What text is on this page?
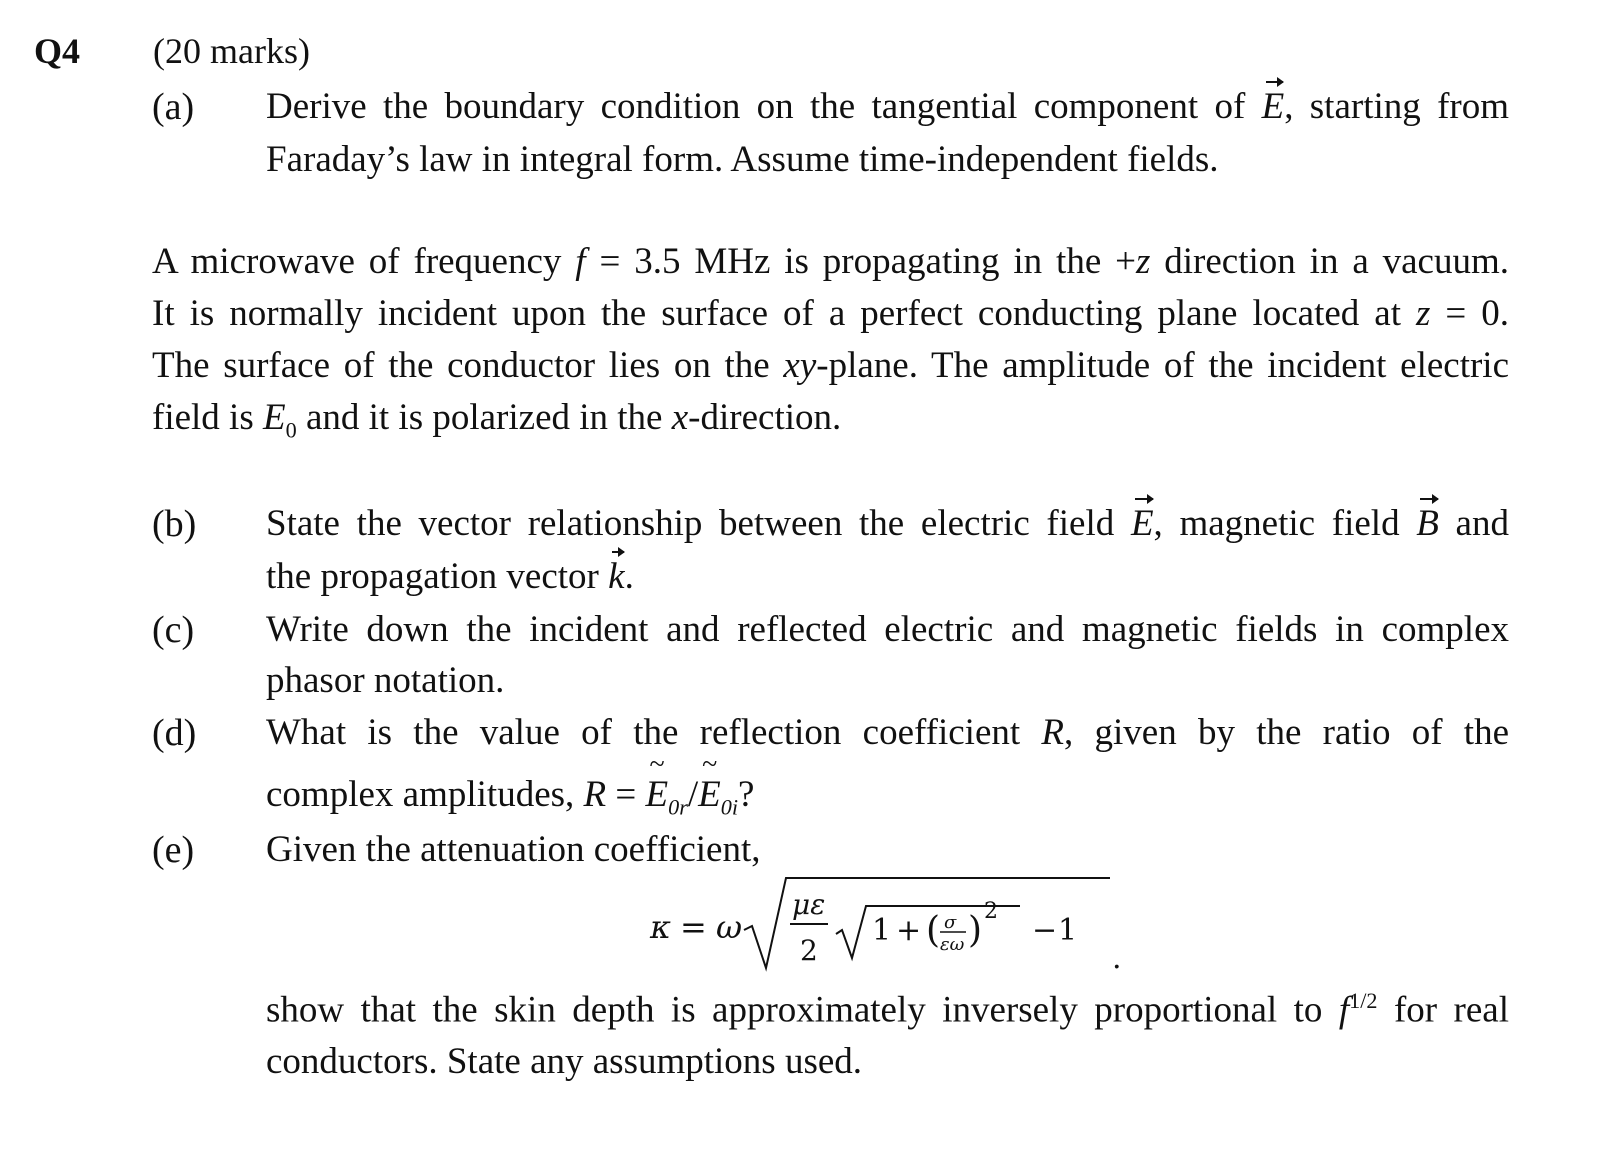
Q4 (20 marks)
(a) Derive the boundary condition on the tangential component of E, starting from
Faraday’s law in integral form. Assume time-independent fields.
A microwave of frequency f = 3.5 MHz is propagating in the +z direction in a vacuum.
It is normally incident upon the surface of a perfect conducting plane located at z = 0.
The surface of the conductor lies on the xy-plane. The amplitude of the incident electric
field is $E_0$ and it is polarized in the x-direction.
(b) State the vector relationship between the electric field E, magnetic field B and
the propagation vector k.
(c) Write down the incident and reflected electric and magnetic fields in complex
phasor notation.
(d) What is the value of the reflection coefficient R, given by the ratio of the
complex amplitudes, R = E $\sim_{0r}/E$ $\sim_{0i}$?
(e) Given the attenuation coefficient,
κ = ω
με
2
1 + ( σ
εω ) 2
− 1
.
show that the skin depth is approximately inversely proportional to $f^{1/2}$ for real
conductors. State any assumptions used.
